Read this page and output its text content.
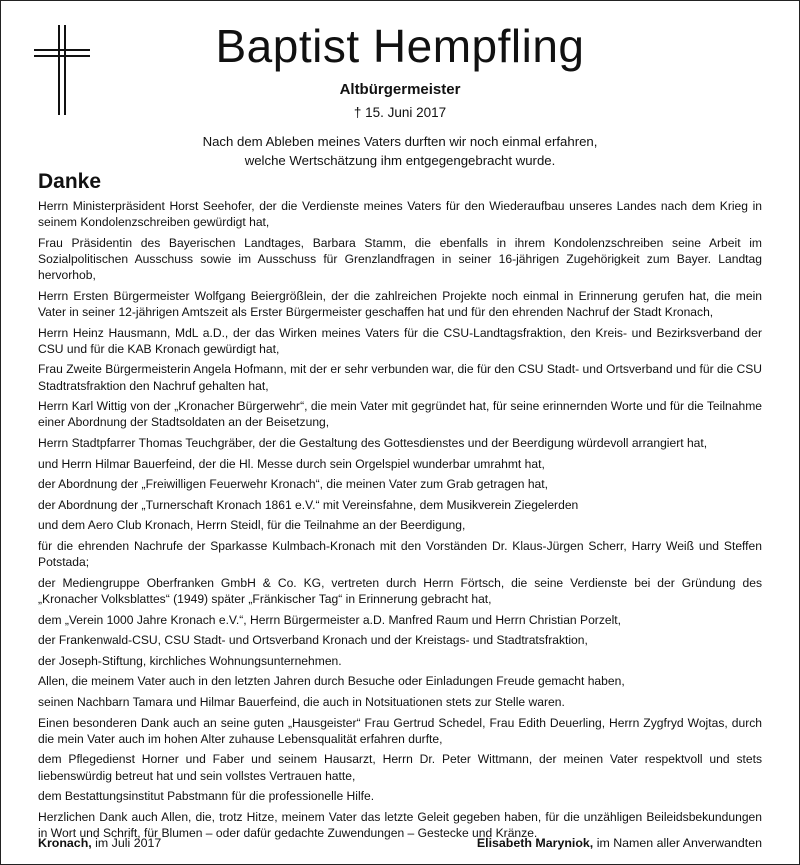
Baptist Hempfling
Altbürgermeister
† 15. Juni 2017
Nach dem Ableben meines Vaters durften wir noch einmal erfahren,
welche Wertschätzung ihm entgegengebracht wurde.
Danke

Herrn Ministerpräsident Horst Seehofer, der die Verdienste meines Vaters für den Wiederaufbau unseres Landes nach dem Krieg in seinem Kondolenzschreiben gewürdigt hat,

Frau Präsidentin des Bayerischen Landtages, Barbara Stamm, die ebenfalls in ihrem Kondolenzschreiben seine Arbeit im Sozialpolitischen Ausschuss sowie im Ausschuss für Grenzlandfragen in seiner 16-jährigen Zugehörigkeit zum Bayer. Landtag hervorhob,

Herrn Ersten Bürgermeister Wolfgang Beiergrößlein, der die zahlreichen Projekte noch einmal in Erinnerung gerufen hat, die mein Vater in seiner 12-jährigen Amtszeit als Erster Bürgermeister geschaffen hat und für den ehrenden Nachruf der Stadt Kronach,

Herrn Heinz Hausmann, MdL a.D., der das Wirken meines Vaters für die CSU-Landtagsfraktion, den Kreis- und Bezirksverband der CSU und für die KAB Kronach gewürdigt hat,

Frau Zweite Bürgermeisterin Angela Hofmann, mit der er sehr verbunden war, die für den CSU Stadt- und Ortsverband und für die CSU Stadtratsfraktion den Nachruf gehalten hat,

Herrn Karl Wittig von der „Kronacher Bürgerwehr“, die mein Vater mit gegründet hat, für seine erinnernden Worte und für die Teilnahme einer Abordnung der Stadtsoldaten an der Beisetzung,

Herrn Stadtpfarrer Thomas Teuchgräber, der die Gestaltung des Gottesdienstes und der Beerdigung würdevoll arrangiert hat,

und Herrn Hilmar Bauerfeind, der die Hl. Messe durch sein Orgelspiel wunderbar umrahmt hat,

der Abordnung der „Freiwilligen Feuerwehr Kronach“, die meinen Vater zum Grab getragen hat,

der Abordnung der „Turnerschaft Kronach 1861 e.V.“ mit Vereinsfahne, dem Musikverein Ziegelerden

und dem Aero Club Kronach, Herrn Steidl, für die Teilnahme an der Beerdigung,

für die ehrenden Nachrufe der Sparkasse Kulmbach-Kronach mit den Vorständen Dr. Klaus-Jürgen Scherr, Harry Weiß und Steffen Potstada;

der Mediengruppe Oberfranken GmbH & Co. KG, vertreten durch Herrn Förtsch, die seine Verdienste bei der Gründung des „Kronacher Volksblattes“ (1949) später „Fränkischer Tag“ in Erinnerung gebracht hat,

dem „Verein 1000 Jahre Kronach e.V.“, Herrn Bürgermeister a.D. Manfred Raum und Herrn Christian Porzelt,

der Frankenwald-CSU, CSU Stadt- und Ortsverband Kronach und der Kreistags- und Stadtratsfraktion,

der Joseph-Stiftung, kirchliches Wohnungsunternehmen.

Allen, die meinem Vater auch in den letzten Jahren durch Besuche oder Einladungen Freude gemacht haben,

seinen Nachbarn Tamara und Hilmar Bauerfeind, die auch in Notsituationen stets zur Stelle waren.

Einen besonderen Dank auch an seine guten „Hausgeister“ Frau Gertrud Schedel, Frau Edith Deuerling, Herrn Zygfryd Wojtas, durch die mein Vater auch im hohen Alter zuhause Lebensqualität erfahren durfte,

dem Pflegedienst Horner und Faber und seinem Hausarzt, Herrn Dr. Peter Wittmann, der meinen Vater respektvoll und stets liebenswürdig betreut hat und sein vollstes Vertrauen hatte,

dem Bestattungsinstitut Pabstmann für die professionelle Hilfe.

Herzlichen Dank auch Allen, die, trotz Hitze, meinem Vater das letzte Geleit gegeben haben, für die unzähligen Beileidsbekundungen in Wort und Schrift, für Blumen – oder dafür gedachte Zuwendungen – Gestecke und Kränze.

Kronach, im Juli 2017	Elisabeth Maryniok, im Namen aller Anverwandten
